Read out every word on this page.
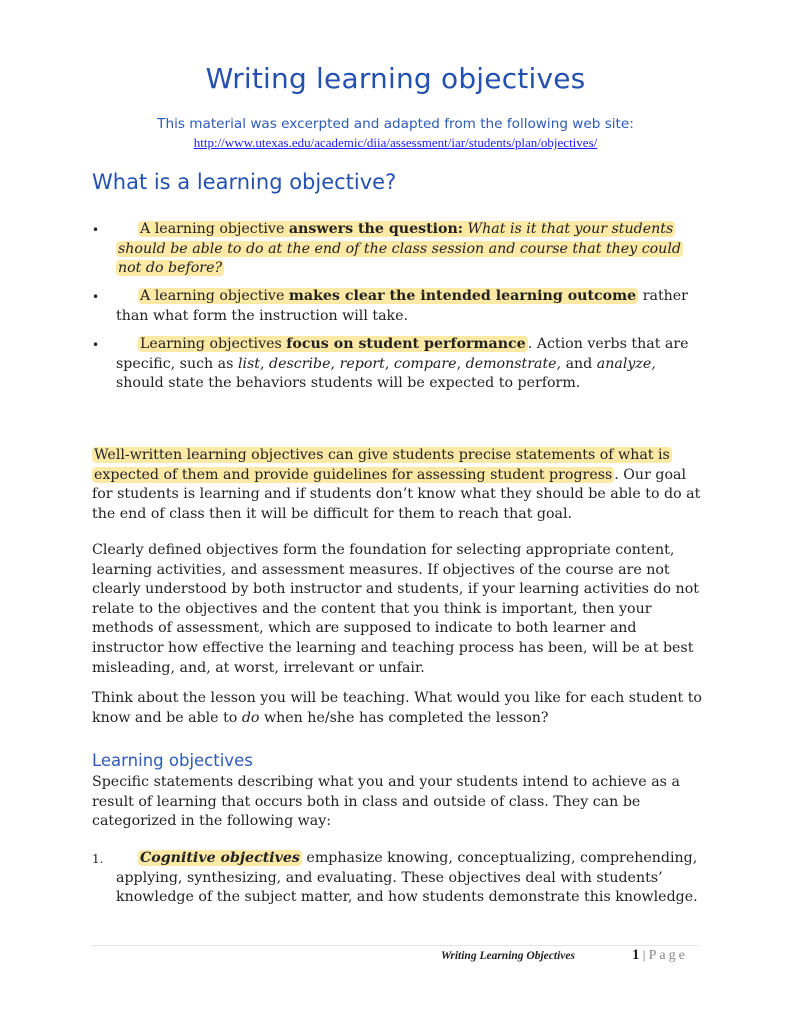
Writing learning objectives
This material was excerpted and adapted from the following web site:
http://www.utexas.edu/academic/diia/assessment/iar/students/plan/objectives/
What is a learning objective?
•	A learning objective answers the question: What is it that your students should be able to do at the end of the class session and course that they could not do before?
•	A learning objective makes clear the intended learning outcome rather than what form the instruction will take.
•	Learning objectives focus on student performance . Action verbs that are specific, such as list, describe, report, compare, demonstrate, and analyze, should state the behaviors students will be expected to perform.
Well-written learning objectives can give students precise statements of what is expected of them and provide guidelines for assessing student progress . Our goal for students is learning and if students don’t know what they should be able to do at the end of class then it will be difficult for them to reach that goal.
Clearly defined objectives form the foundation for selecting appropriate content, learning activities, and assessment measures. If objectives of the course are not clearly understood by both instructor and students, if your learning activities do not relate to the objectives and the content that you think is important, then your methods of assessment, which are supposed to indicate to both learner and instructor how effective the learning and teaching process has been, will be at best misleading, and, at worst, irrelevant or unfair.
Think about the lesson you will be teaching. What would you like for each student to know and be able to do when he/she has completed the lesson?
Learning objectives
Specific statements describing what you and your students intend to achieve as a result of learning that occurs both in class and outside of class. They can be categorized in the following way:
1.	Cognitive objectives emphasize knowing, conceptualizing, comprehending, applying, synthesizing, and evaluating. These objectives deal with students’ knowledge of the subject matter, and how students demonstrate this knowledge.
Writing Learning Objectives	1 | Page
